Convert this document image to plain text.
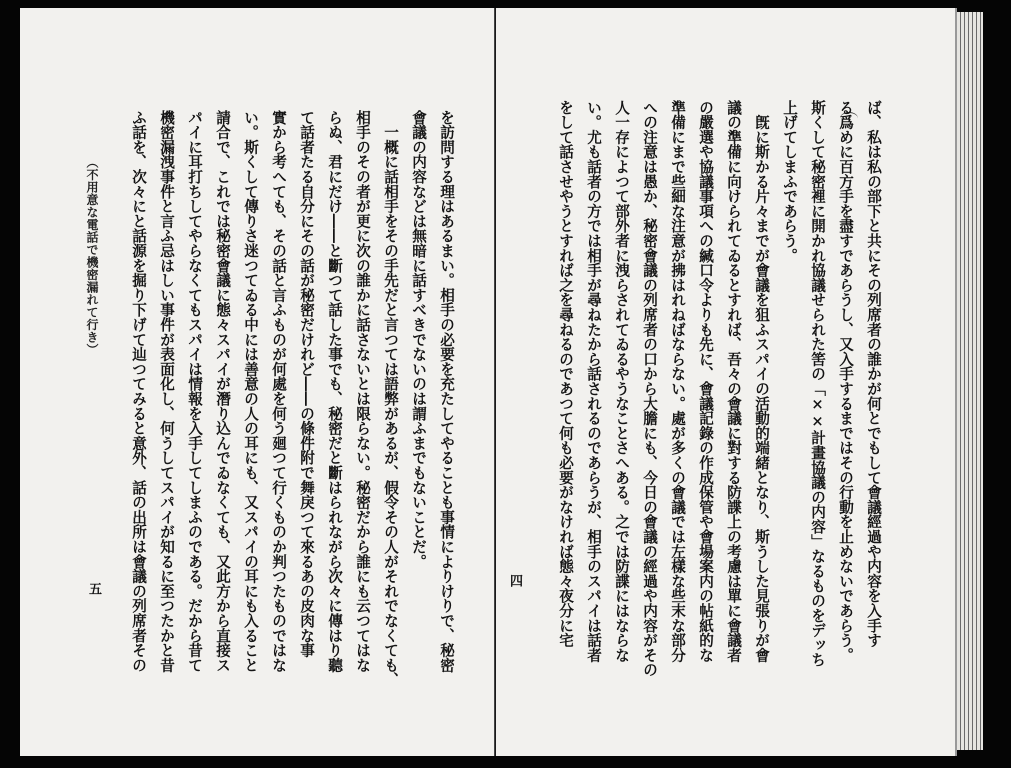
四	ば、私は私の部下と共にその列席者の誰かが何とでもして會議經過や内容を入手す
る爲めに百方手を盡すであらうし、又入手するまではその行動を止めないであらう。
斯くして秘密裡に開かれ協議せられた筈の「××計畫協議の内容」なるものをデッち
上げてしまふであらう。
　旣に斯かる片々までが會議を狙ふスパイの活動的端緒となり、斯うした見張りが會
議の準備に向けられてゐるとすれば、吾々の會議に對する防諜上の考慮は單に會議者
の嚴選や協議事項への緘口令よりも先に、會議記錄の作成保管や會場案内の帖紙的な
準備にまで些細な注意が拂はれねばならない。處が多くの會議では左樣な些末な部分
への注意は愚か、秘密會議の列席者の口から大膽にも、今日の會議の經過や内容がその
人一存によつて部外者に洩らされてゐるやうなことさへある。之では防諜にはならな
い。尤も話者の方では相手が尋ねたから話されるのであらうが、相手のスパイは話者
をして話させやうとすれば之を尋ねるのであつて何も必要がなければ態々夜分に宅
を訪問する理はあるまい。相手の必要を充たしてやることも事情によりけりで、秘密
會議の内容などは無暗に話すべきでないのは謂ふまでもないことだ。
　一概に話相手をその手先だと言つては語弊があるが、假令その人がそれでなくても、
相手のその者が更に次の誰かに話さないとは限らない。秘密だから誰にも云つてはな
らぬ、君にだけ――と斷つて話した事でも、秘密だと斷はられながら次々に傳はり聽
て話者たる自分にその話が秘密だけれど――の條件附で舞戾つて來るあの皮肉な事
實から考へても、その話と言ふものが何處を何う廻つて行くものか判つたものではな
い。斯くして傳りさ迷つてゐる中には善意の人の耳にも、又スパイの耳にも入ること
請合で、これでは秘密會議に態々スパイが潛り込んでゐなくても、又此方から直接ス
パイに耳打ちしてやらなくてもスパイは情報を入手してしまふのである。だから昔て
機密漏洩事件と言ふ忌はしい事件が表面化し、何うしてスパイが知るに至つたかと昔
ふ話を、次々にと話源を掘り下げて辿つてみると意外、話の出所は會議の列席者その
（不用意な電話で機密漏れて行き）
五
